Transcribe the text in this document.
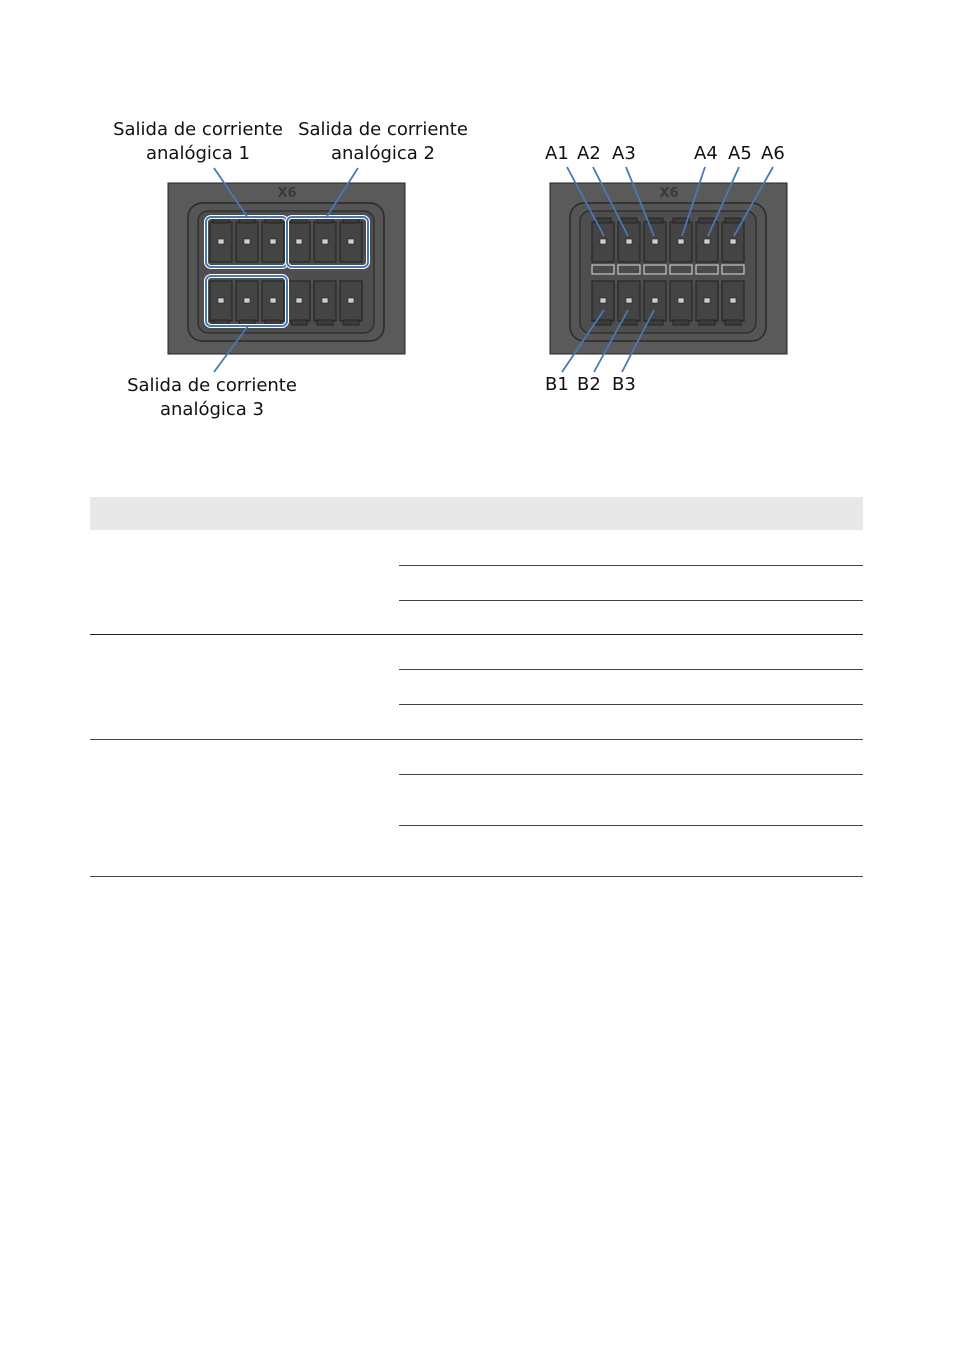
Salida de corriente
analógica 1
Salida de corriente
analógica 2
Salida de corriente
analógica 3
X6	X6
A1 A2 A3	A4 A5 A6
B1 B2 B3
